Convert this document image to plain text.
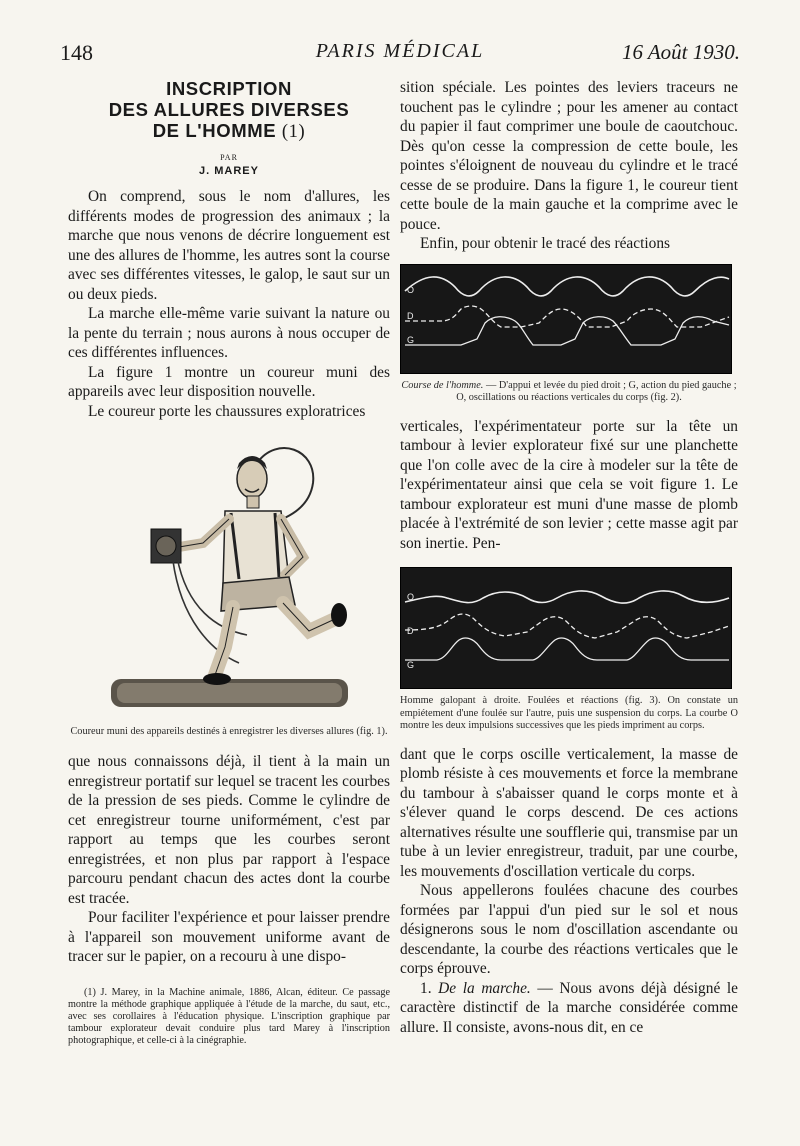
148	PARIS MÉDICAL	16 Août 1930.
INSCRIPTION
DES ALLURES DIVERSES
DE L'HOMME (1)
PAR
J. MAREY

On comprend, sous le nom d'allures, les différents modes de progression des animaux ; la marche que nous venons de décrire longuement est une des allures de l'homme, les autres sont la course avec ses différentes vitesses, le galop, le saut sur un ou deux pieds.

La marche elle-même varie suivant la nature ou la pente du terrain ; nous aurons à nous occuper de ces différentes influences.

La figure 1 montre un coureur muni des appareils avec leur disposition nouvelle.

Le coureur porte les chaussures exploratrices

Coureur muni des appareils destinés à enregistrer les diverses allures (fig. 1).

que nous connaissons déjà, il tient à la main un enregistreur portatif sur lequel se tracent les courbes de la pression de ses pieds. Comme le cylindre de cet enregistreur tourne uniformément, c'est par rapport au temps que les courbes seront enregistrées, et non plus par rapport à l'espace parcouru pendant chacun des actes dont la courbe est tracée.

Pour faciliter l'expérience et pour laisser prendre à l'appareil son mouvement uniforme avant de tracer sur le papier, on a recouru à une dispo-

(1) J. Marey, in la Machine animale, 1886, Alcan, éditeur. Ce passage montre la méthode graphique appliquée à l'étude de la marche, du saut, etc., avec ses corollaires à l'éducation physique. L'inscription graphique par tambour explorateur devait conduire plus tard Marey à l'inscription photographique, et celle-ci à la cinégraphie.

sition spéciale. Les pointes des leviers traceurs ne touchent pas le cylindre ; pour les amener au contact du papier il faut comprimer une boule de caoutchouc. Dès qu'on cesse la compression de cette boule, les pointes s'éloignent de nouveau du cylindre et le tracé cesse de se produire. Dans la figure 1, le coureur tient cette boule de la main gauche et la comprime avec le pouce.

Enfin, pour obtenir le tracé des réactions

O
D
G
Course de l'homme. — D'appui et levée du pied droit ; G, action du pied gauche ; O, oscillations ou réactions verticales du corps (fig. 2).

verticales, l'expérimentateur porte sur la tête un tambour à levier explorateur fixé sur une planchette que l'on colle avec de la cire à modeler sur la tête de l'expérimentateur ainsi que cela se voit figure 1. Le tambour explorateur est muni d'une masse de plomb placée à l'extrémité de son levier ; cette masse agit par son inertie. Pen-

O
D
G
Homme galopant à droite. Foulées et réactions (fig. 3). On constate un empiétement d'une foulée sur l'autre, puis une suspension du corps. La courbe O montre les deux impulsions successives que les pieds impriment au corps.

dant que le corps oscille verticalement, la masse de plomb résiste à ces mouvements et force la membrane du tambour à s'abaisser quand le corps monte et à s'élever quand le corps descend. De ces actions alternatives résulte une soufflerie qui, transmise par un tube à un levier enregistreur, traduit, par une courbe, les mouvements d'oscillation verticale du corps.

Nous appellerons foulées chacune des courbes formées par l'appui d'un pied sur le sol et nous désignerons sous le nom d'oscillation ascendante ou descendante, la courbe des réactions verticales que le corps éprouve.

1. De la marche. — Nous avons déjà désigné le caractère distinctif de la marche considérée comme allure. Il consiste, avons-nous dit, en ce
